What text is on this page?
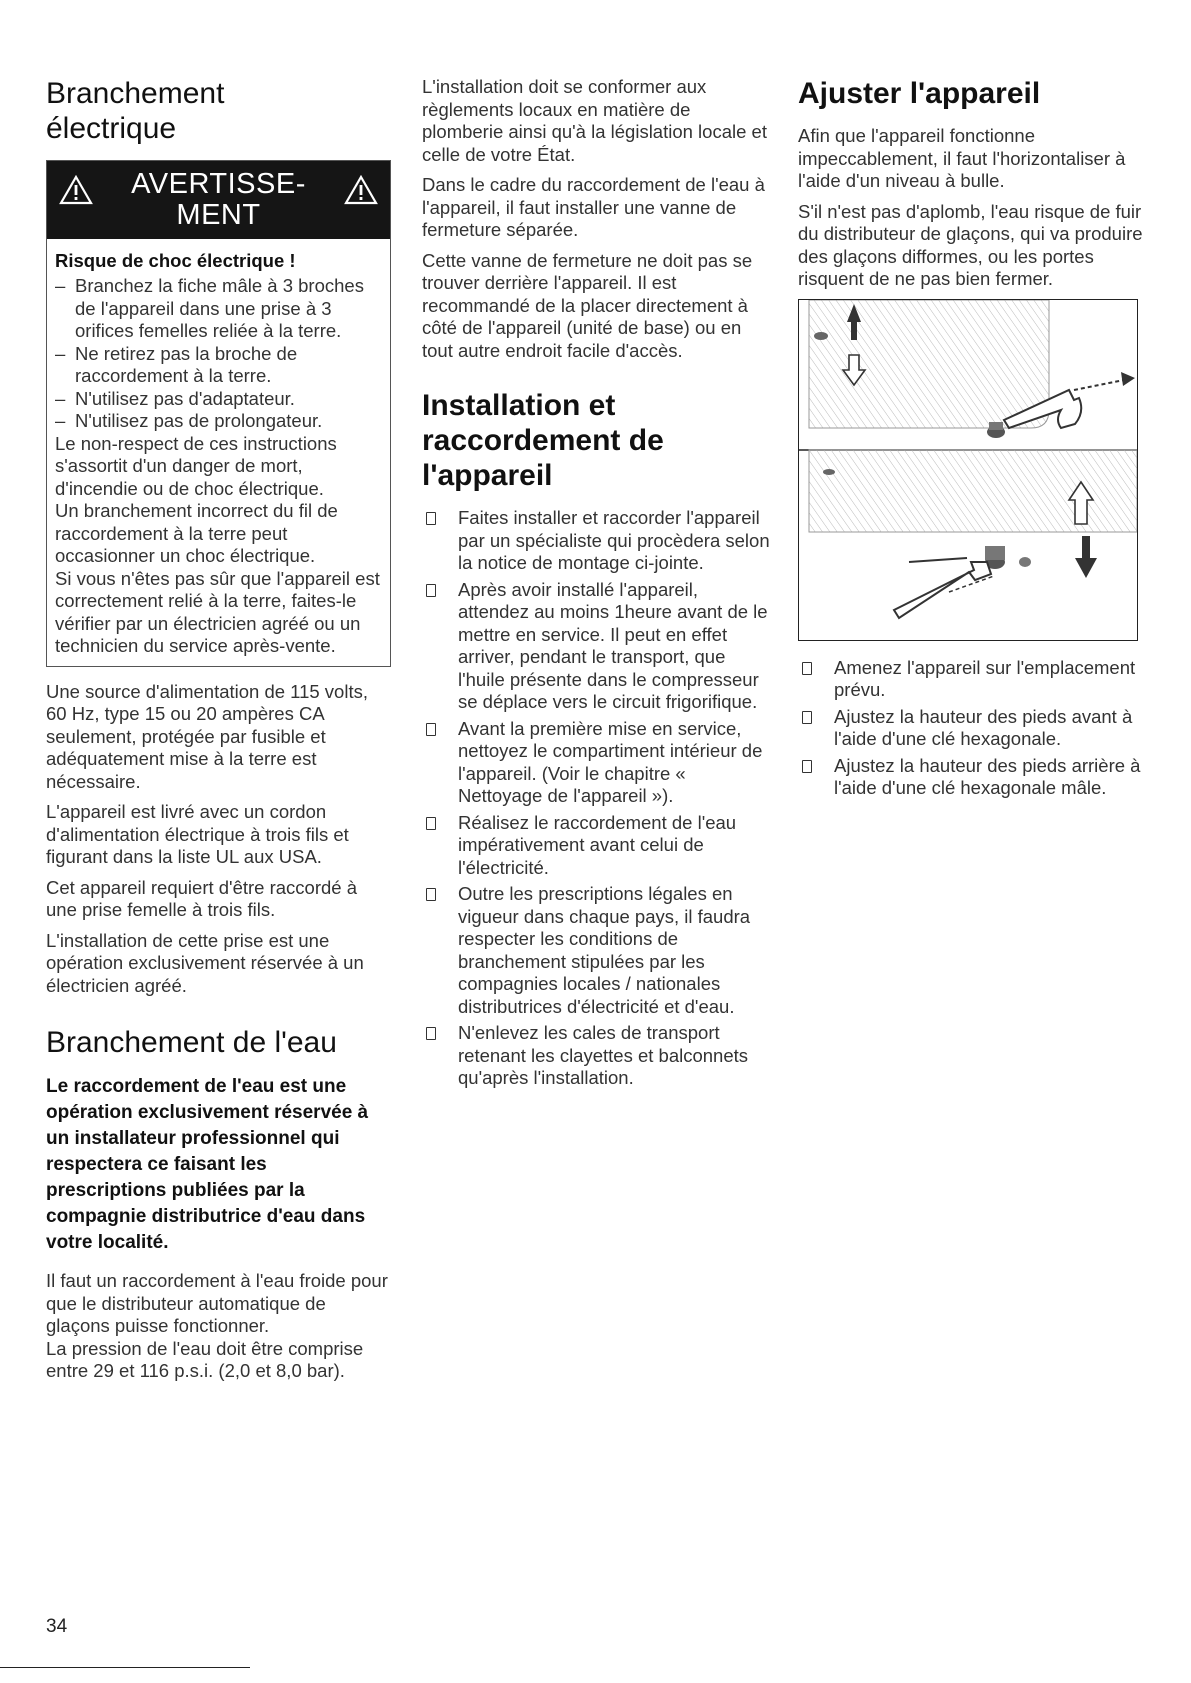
Branchement
électrique
AVERTISSE-
MENT

Risque de choc électrique !

– Branchez la fiche mâle à 3 broches de l'appareil dans une prise à 3 orifices femelles reliée à la terre.

– Ne retirez pas la broche de raccordement à la terre.

– N'utilisez pas d'adaptateur.

– N'utilisez pas de prolongateur.

Le non-respect de ces instructions s'assortit d'un danger de mort, d'incendie ou de choc électrique.

Un branchement incorrect du fil de raccordement à la terre peut occasionner un choc électrique.

Si vous n'êtes pas sûr que l'appareil est correctement relié à la terre, faites-le vérifier par un électricien agréé ou un technicien du service après-vente.

Une source d'alimentation de 115 volts, 60 Hz, type 15 ou 20 ampères CA seulement, protégée par fusible et adéquatement mise à la terre est nécessaire.

L'appareil est livré avec un cordon d'alimentation électrique à trois fils et figurant dans la liste UL aux USA.

Cet appareil requiert d'être raccordé à une prise femelle à trois fils.

L'installation de cette prise est une opération exclusivement réservée à un électricien agréé.

Branchement de l'eau

Le raccordement de l'eau est une opération exclusivement réservée à un installateur professionnel qui respectera ce faisant les prescriptions publiées par la compagnie distributrice d'eau dans votre localité.

Il faut un raccordement à l'eau froide pour que le distributeur automatique de glaçons puisse fonctionner.

La pression de l'eau doit être comprise entre 29 et 116 p.s.i. (2,0 et 8,0 bar).

L'installation doit se conformer aux règlements locaux en matière de plomberie ainsi qu'à la législation locale et celle de votre État.

Dans le cadre du raccordement de l'eau à l'appareil, il faut installer une vanne de fermeture séparée.

Cette vanne de fermeture ne doit pas se trouver derrière l'appareil. Il est recommandé de la placer directement à côté de l'appareil (unité de base) ou en tout autre endroit facile d'accès.

Installation et raccordement de l'appareil
Faites installer et raccorder l'appareil par un spécialiste qui procèdera selon la notice de montage ci-jointe.
Après avoir installé l'appareil, attendez au moins 1heure avant de le mettre en service. Il peut en effet arriver, pendant le transport, que l'huile présente dans le compresseur se déplace vers le circuit frigorifique.
Avant la première mise en service, nettoyez le compartiment intérieur de l'appareil. (Voir le chapitre « Nettoyage de l'appareil »).
Réalisez le raccordement de l'eau impérativement avant celui de l'électricité.
Outre les prescriptions légales en vigueur dans chaque pays, il faudra respecter les conditions de branchement stipulées par les compagnies locales / nationales distributrices d'électricité et d'eau.
N'enlevez les cales de transport retenant les clayettes et balconnets qu'après l'installation.
Ajuster l'appareil

Afin que l'appareil fonctionne impeccablement, il faut l'horizontaliser à l'aide d'un niveau à bulle.

S'il n'est pas d'aplomb, l'eau risque de fuir du distributeur de glaçons, qui va produire des glaçons difformes, ou les portes risquent de ne pas bien fermer.

Amenez l'appareil sur l'emplacement prévu.
Ajustez la hauteur des pieds avant à l'aide d'une clé hexagonale.
Ajustez la hauteur des pieds arrière à l'aide d'une clé hexagonale mâle.
34
